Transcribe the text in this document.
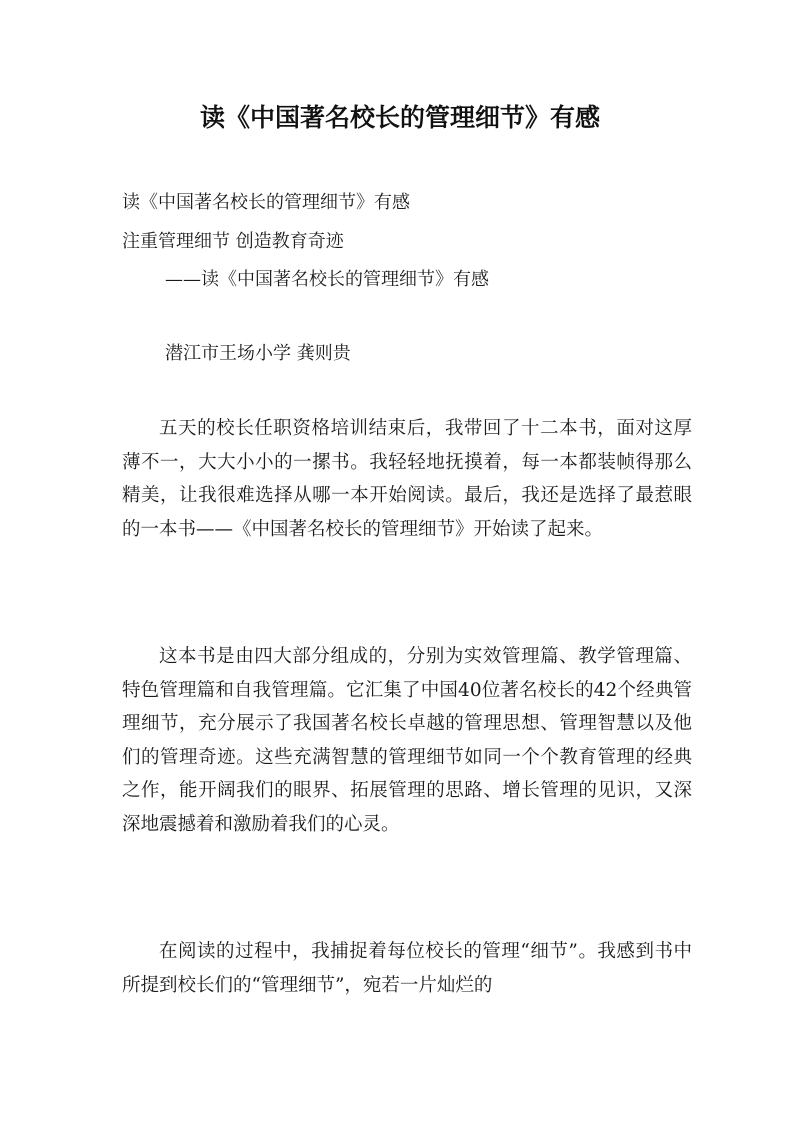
读《中国著名校长的管理细节》有感
读《中国著名校长的管理细节》有感
注重管理细节 创造教育奇迹
——读《中国著名校长的管理细节》有感
潜江市王场小学 龚则贵

五天的校长任职资格培训结束后，我带回了十二本书，面对这厚薄不一，大大小小的一摞书。我轻轻地抚摸着，每一本都装帧得那么精美，让我很难选择从哪一本开始阅读。最后，我还是选择了最惹眼的一本书——《中国著名校长的管理细节》开始读了起来。

这本书是由四大部分组成的，分别为实效管理篇、教学管理篇、特色管理篇和自我管理篇。它汇集了中国40位著名校长的42个经典管理细节，充分展示了我国著名校长卓越的管理思想、管理智慧以及他们的管理奇迹。这些充满智慧的管理细节如同一个个教育管理的经典之作，能开阔我们的眼界、拓展管理的思路、增长管理的见识，又深深地震撼着和激励着我们的心灵。

在阅读的过程中，我捕捉着每位校长的管理“细节”。我感到书中所提到校长们的“管理细节”，宛若一片灿烂的
